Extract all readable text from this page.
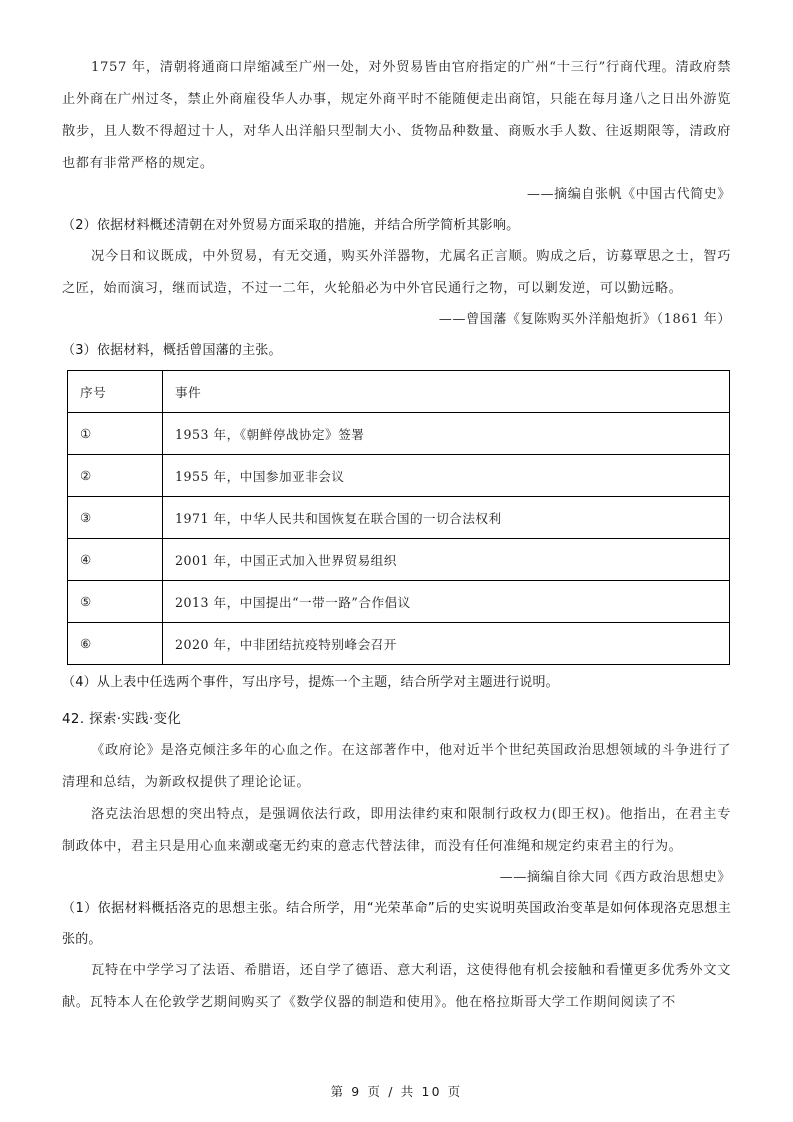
1757 年，清朝将通商口岸缩减至广州一处，对外贸易皆由官府指定的广州“十三行”行商代理。清政府禁止外商在广州过冬，禁止外商雇役华人办事，规定外商平时不能随便走出商馆，只能在每月逢八之日出外游览散步，且人数不得超过十人，对华人出洋船只型制大小、货物品种数量、商贩水手人数、往返期限等，清政府也都有非常严格的规定。

——摘编自张帆《中国古代简史》

（2）依据材料概述清朝在对外贸易方面采取的措施，并结合所学简析其影响。

况今日和议既成，中外贸易，有无交通，购买外洋器物，尤属名正言顺。购成之后，访募覃思之士，智巧之匠，始而演习，继而试造，不过一二年，火轮船必为中外官民通行之物，可以剿发逆，可以勤远略。

——曾国藩《复陈购买外洋船炮折》（1861 年）

（3）依据材料，概括曾国藩的主张。

序号	事件
①	1953 年，《朝鲜停战协定》签署
②	1955 年，中国参加亚非会议
③	1971 年，中华人民共和国恢复在联合国的一切合法权利
④	2001 年，中国正式加入世界贸易组织
⑤	2013 年，中国提出“一带一路”合作倡议
⑥	2020 年，中非团结抗疫特别峰会召开

（4）从上表中任选两个事件，写出序号，提炼一个主题，结合所学对主题进行说明。

42. 探索·实践·变化

《政府论》是洛克倾注多年的心血之作。在这部著作中，他对近半个世纪英国政治思想领域的斗争进行了清理和总结，为新政权提供了理论论证。

洛克法治思想的突出特点，是强调依法行政，即用法律约束和限制行政权力(即王权)。他指出，在君主专制政体中，君主只是用心血来潮或毫无约束的意志代替法律，而没有任何准绳和规定约束君主的行为。

——摘编自徐大同《西方政治思想史》

（1）依据材料概括洛克的思想主张。结合所学，用“光荣革命”后的史实说明英国政治变革是如何体现洛克思想主张的。

瓦特在中学学习了法语、希腊语，还自学了德语、意大利语，这使得他有机会接触和看懂更多优秀外文文献。瓦特本人在伦敦学艺期间购买了《数学仪器的制造和使用》。他在格拉斯哥大学工作期间阅读了不

第 9 页 / 共 10 页
